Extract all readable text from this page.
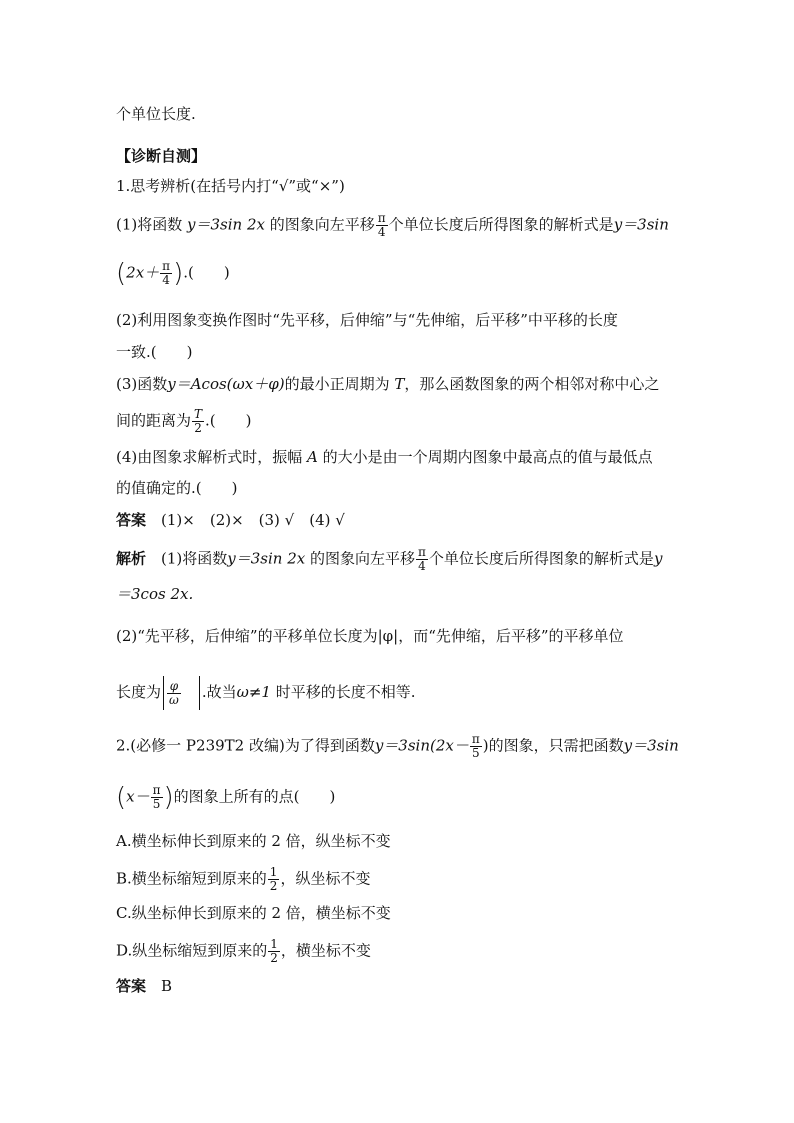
个单位长度.
【诊断自测】
1.思考辨析(在括号内打“√”或“×”)
(1)将函数 y＝3sin 2x 的图象向左平移 $\frac{\pi}{4}$ 个单位长度后所得图象的解析式是y＝3sin
($2x+ \frac{\pi}{4}$ ).(　　)
(2)利用图象变换作图时“先平移，后伸缩”与“先伸缩，后平移”中平移的长度
一致.(　　)
(3)函数y＝Acos(ωx＋φ)的最小正周期为 T，那么函数图象的两个相邻对称中心之
间的距离为 $\frac{T}{2}$ .(　　)
(4)由图象求解析式时，振幅 A 的大小是由一个周期内图象中最高点的值与最低点
的值确定的.(　　)
答案　 (1)×　(2)×　(3) √　(4) √
解析　 (1)将函数y＝3sin 2x 的图象向左平移 $\frac{\pi}{4}$ 个单位长度后所得图象的解析式是y
＝3cos 2x.
(2)“先平移，后伸缩”的平移单位长度为|φ|，而“先伸缩，后平移”的平移单位
长度为 $\frac{\varphi}{\omega}$
　 .故当ω≠1 时平移的长度不相等.
2.(必修一 P239T2 改编)为了得到函数$y=3\sin(2x- \frac{\pi}{5}$ )的图象，只需把函数y＝3sin
($x- \frac{\pi}{5}$ )的图象上所有的点(　　)
A.横坐标伸长到原来的 2 倍，纵坐标不变
B.横坐标缩短到原来的 $\frac{1}{2}$ ，纵坐标不变
C.纵坐标伸长到原来的 2 倍，横坐标不变
D.纵坐标缩短到原来的 $\frac{1}{2}$ ，横坐标不变
答案　 B
